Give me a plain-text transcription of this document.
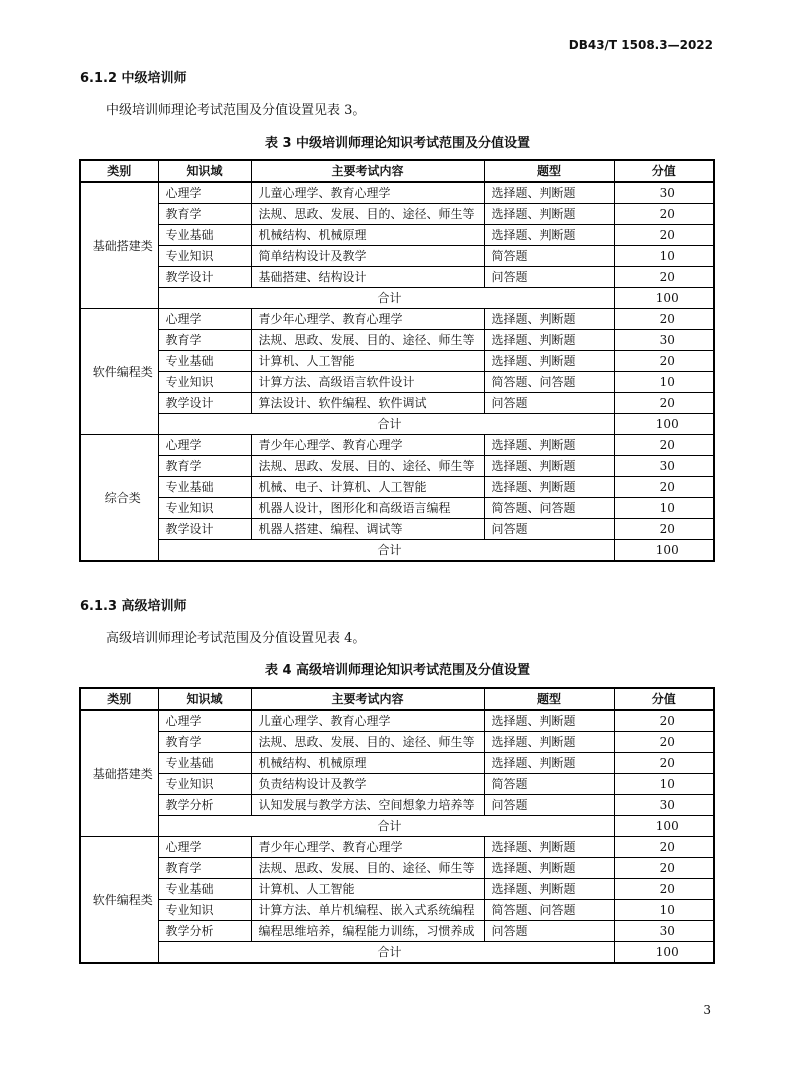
DB43/T 1508.3—2022
6.1.2 中级培训师
中级培训师理论考试范围及分值设置见表 3。
表 3 中级培训师理论知识考试范围及分值设置
类别	知识域	主要考试内容	题型	分值
基础搭建类	心理学	儿童心理学、教育心理学	选择题、判断题	30
	教育学	法规、思政、发展、目的、途径、师生等	选择题、判断题	20
	专业基础	机械结构、机械原理	选择题、判断题	20
	专业知识	简单结构设计及教学	简答题	10
	教学设计	基础搭建、结构设计	问答题	20
	合计			100
软件编程类	心理学	青少年心理学、教育心理学	选择题、判断题	20
	教育学	法规、思政、发展、目的、途径、师生等	选择题、判断题	30
	专业基础	计算机、人工智能	选择题、判断题	20
	专业知识	计算方法、高级语言软件设计	简答题、问答题	10
	教学设计	算法设计、软件编程、软件调试	问答题	20
	合计			100
综合类	心理学	青少年心理学、教育心理学	选择题、判断题	20
	教育学	法规、思政、发展、目的、途径、师生等	选择题、判断题	30
	专业基础	机械、电子、计算机、人工智能	选择题、判断题	20
	专业知识	机器人设计，图形化和高级语言编程	简答题、问答题	10
	教学设计	机器人搭建、编程、调试等	问答题	20
	合计			100
6.1.3 高级培训师
高级培训师理论考试范围及分值设置见表 4。
表 4 高级培训师理论知识考试范围及分值设置
类别	知识域	主要考试内容	题型	分值
基础搭建类	心理学	儿童心理学、教育心理学	选择题、判断题	20
	教育学	法规、思政、发展、目的、途径、师生等	选择题、判断题	20
	专业基础	机械结构、机械原理	选择题、判断题	20
	专业知识	负责结构设计及教学	简答题	10
	教学分析	认知发展与教学方法、空间想象力培养等	问答题	30
	合计			100
软件编程类	心理学	青少年心理学、教育心理学	选择题、判断题	20
	教育学	法规、思政、发展、目的、途径、师生等	选择题、判断题	20
	专业基础	计算机、人工智能	选择题、判断题	20
	专业知识	计算方法、单片机编程、嵌入式系统编程	简答题、问答题	10
	教学分析	编程思维培养，编程能力训练，习惯养成	问答题	30
	合计			100
3
